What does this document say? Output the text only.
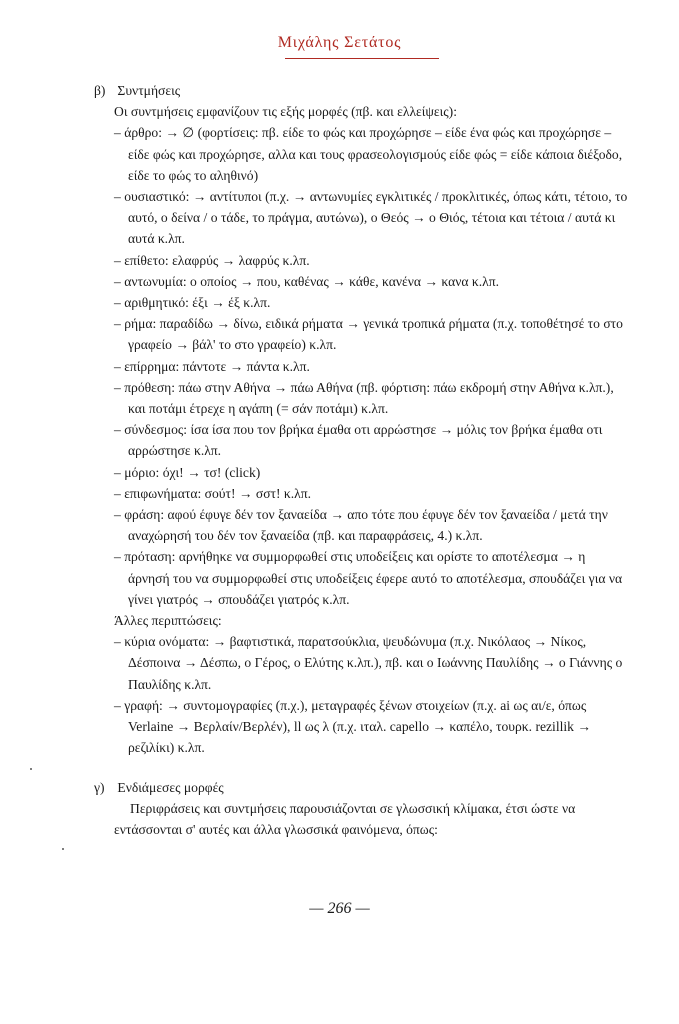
Μιχάλης Σετάτος
β) Συντμήσεις
Οι συντμήσεις εμφανίζουν τις εξής μορφές (πβ. και ελλείψεις):
– άρθρο: → ∅ (φορτίσεις: πβ. είδε το φώς και προχώρησε – είδε ένα φώς και προχώρησε – είδε φώς και προχώρησε, αλλα και τους φρασεολογισμούς είδε φώς = είδε κάποια διέξοδο, είδε το φώς το αληθινό)
– ουσιαστικό: → αντίτυποι (π.χ. → αντωνυμίες εγκλιτικές / προκλιτικές, όπως κάτι, τέτοιο, το αυτό, ο δείνα / ο τάδε, το πράγμα, αυτώνω), ο Θεός → ο Θιός, τέτοια και τέτοια / αυτά κι αυτά κ.λπ.
– επίθετο: ελαφρύς → λαφρύς κ.λπ.
– αντωνυμία: ο οποίος → που, καθένας → κάθε, κανένα → κανα κ.λπ.
– αριθμητικό: έξι → έξ κ.λπ.
– ρήμα: παραδίδω → δίνω, ειδικά ρήματα → γενικά τροπικά ρήματα (π.χ. τοποθέτησέ το στο γραφείο → βάλ' το στο γραφείο) κ.λπ.
– επίρρημα: πάντοτε → πάντα κ.λπ.
– πρόθεση: πάω στην Αθήνα → πάω Αθήνα (πβ. φόρτιση: πάω εκδρομή στην Αθήνα κ.λπ.), και ποτάμι έτρεχε η αγάπη (= σάν ποτάμι) κ.λπ.
– σύνδεσμος: ίσα ίσα που τον βρήκα έμαθα οτι αρρώστησε → μόλις τον βρήκα έμαθα οτι αρρώστησε κ.λπ.
– μόριο: όχι! → τσ! (click)
– επιφωνήματα: σούτ! → σστ! κ.λπ.
– φράση: αφού έφυγε δέν τον ξαναείδα → απο τότε που έφυγε δέν τον ξαναείδα / μετά την αναχώρησή του δέν τον ξαναείδα (πβ. και παραφράσεις, 4.) κ.λπ.
– πρόταση: αρνήθηκε να συμμορφωθεί στις υποδείξεις και ορίστε το αποτέλεσμα → η άρνησή του να συμμορφωθεί στις υποδείξεις έφερε αυτό το αποτέλεσμα, σπουδάζει για να γίνει γιατρός → σπουδάζει γιατρός κ.λπ.
Άλλες περιπτώσεις:
– κύρια ονόματα: → βαφτιστικά, παρατσούκλια, ψευδώνυμα (π.χ. Νικόλαος → Νίκος, Δέσποινα → Δέσπω, ο Γέρος, ο Ελύτης κ.λπ.), πβ. και ο Ιωάννης Παυλίδης → ο Γιάννης ο Παυλίδης κ.λπ.
– γραφή: → συντομογραφίες (π.χ.), μεταγραφές ξένων στοιχείων (π.χ. ai ως αι/ε, όπως Verlaine → Βερλαίν/Βερλέν), ll ως λ (π.χ. ιταλ. capello → καπέλο, τουρκ. rezillik → ρεζιλίκι) κ.λπ.
γ) Ενδιάμεσες μορφές
Περιφράσεις και συντμήσεις παρουσιάζονται σε γλωσσική κλίμακα, έτσι ώστε να εντάσσονται σ' αυτές και άλλα γλωσσικά φαινόμενα, όπως:
— 266 —
